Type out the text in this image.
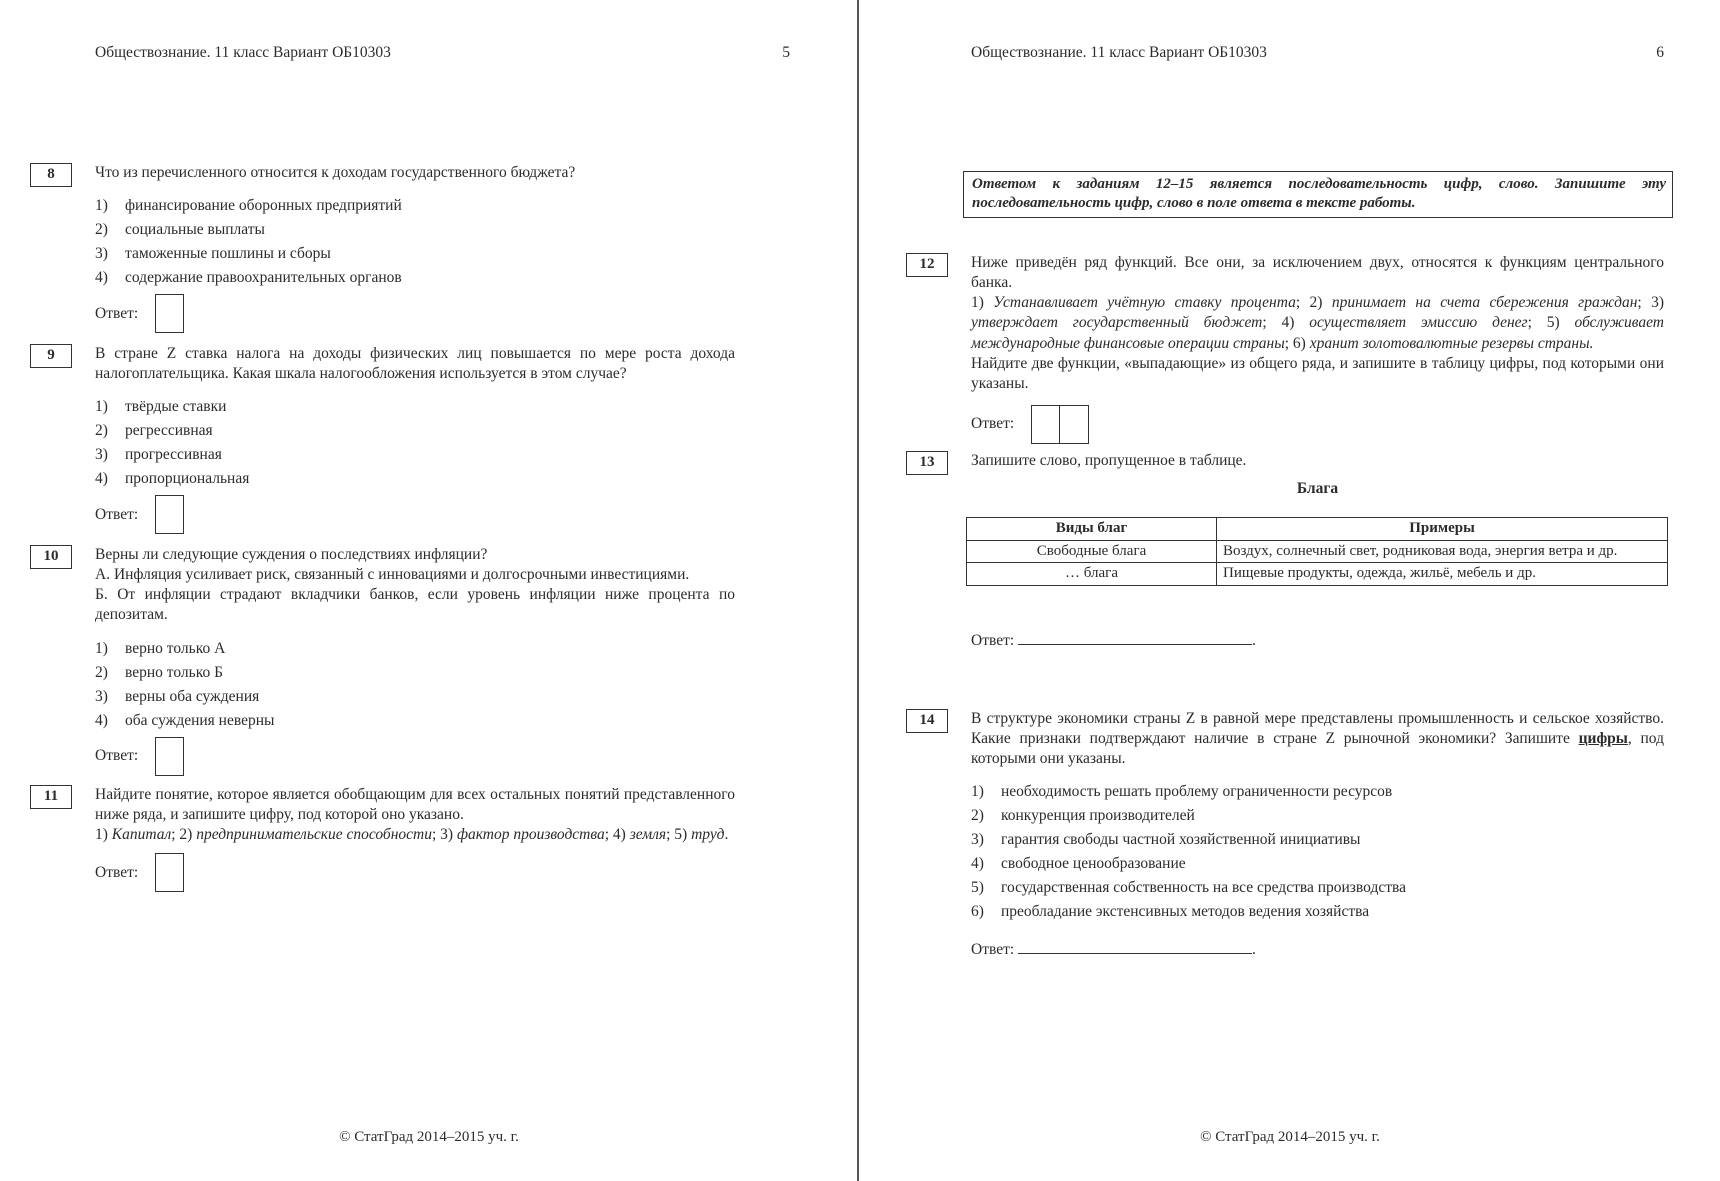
Обществознание. 11 класс Вариант ОБ10303	5
8	Что из перечисленного относится к доходам государственного бюджета?
1)	финансирование оборонных предприятий
2)	социальные выплаты
3)	таможенные пошлины и сборы
4)	содержание правоохранительных органов
Ответ:
9	В стране Z ставка налога на доходы физических лиц повышается по мере роста дохода налогоплательщика. Какая шкала налогообложения используется в этом случае?
1)	твёрдые ставки
2)	регрессивная
3)	прогрессивная
4)	пропорциональная
Ответ:
10	Верны ли следующие суждения о последствиях инфляции?
А. Инфляция усиливает риск, связанный с инновациями и долгосрочными инвестициями.
Б. От инфляции страдают вкладчики банков, если уровень инфляции ниже процента по депозитам.
1)	верно только А
2)	верно только Б
3)	верны оба суждения
4)	оба суждения неверны
Ответ:
11	Найдите понятие, которое является обобщающим для всех остальных понятий представленного ниже ряда, и запишите цифру, под которой оно указано.
1) Капитал; 2) предпринимательские способности; 3) фактор производства; 4) земля; 5) труд.
Ответ:
© СтатГрад 2014–2015 уч. г.
Обществознание. 11 класс Вариант ОБ10303	6
Ответом к заданиям 12–15 является последовательность цифр, слово. Запишите эту последовательность цифр, слово в поле ответа в тексте работы.
12	Ниже приведён ряд функций. Все они, за исключением двух, относятся к функциям центрального банка.
1) Устанавливает учётную ставку процента; 2) принимает на счета сбережения граждан; 3) утверждает государственный бюджет; 4) осуществляет эмиссию денег; 5) обслуживает международные финансовые операции страны; 6) хранит золотовалютные резервы страны.
Найдите две функции, «выпадающие» из общего ряда, и запишите в таблицу цифры, под которыми они указаны.
Ответ:
13	Запишите слово, пропущенное в таблице.
Блага
Виды благ	Примеры
Свободные блага	Воздух, солнечный свет, родниковая вода, энергия ветра и др.
… блага	Пищевые продукты, одежда, жильё, мебель и др.
Ответ:	.
14	В структуре экономики страны Z в равной мере представлены промышленность и сельское хозяйство. Какие признаки подтверждают наличие в стране Z рыночной экономики? Запишите цифры, под которыми они указаны.
1)	необходимость решать проблему ограниченности ресурсов
2)	конкуренция производителей
3)	гарантия свободы частной хозяйственной инициативы
4)	свободное ценообразование
5)	государственная собственность на все средства производства
6)	преобладание экстенсивных методов ведения хозяйства
Ответ:	.
© СтатГрад 2014–2015 уч. г.
